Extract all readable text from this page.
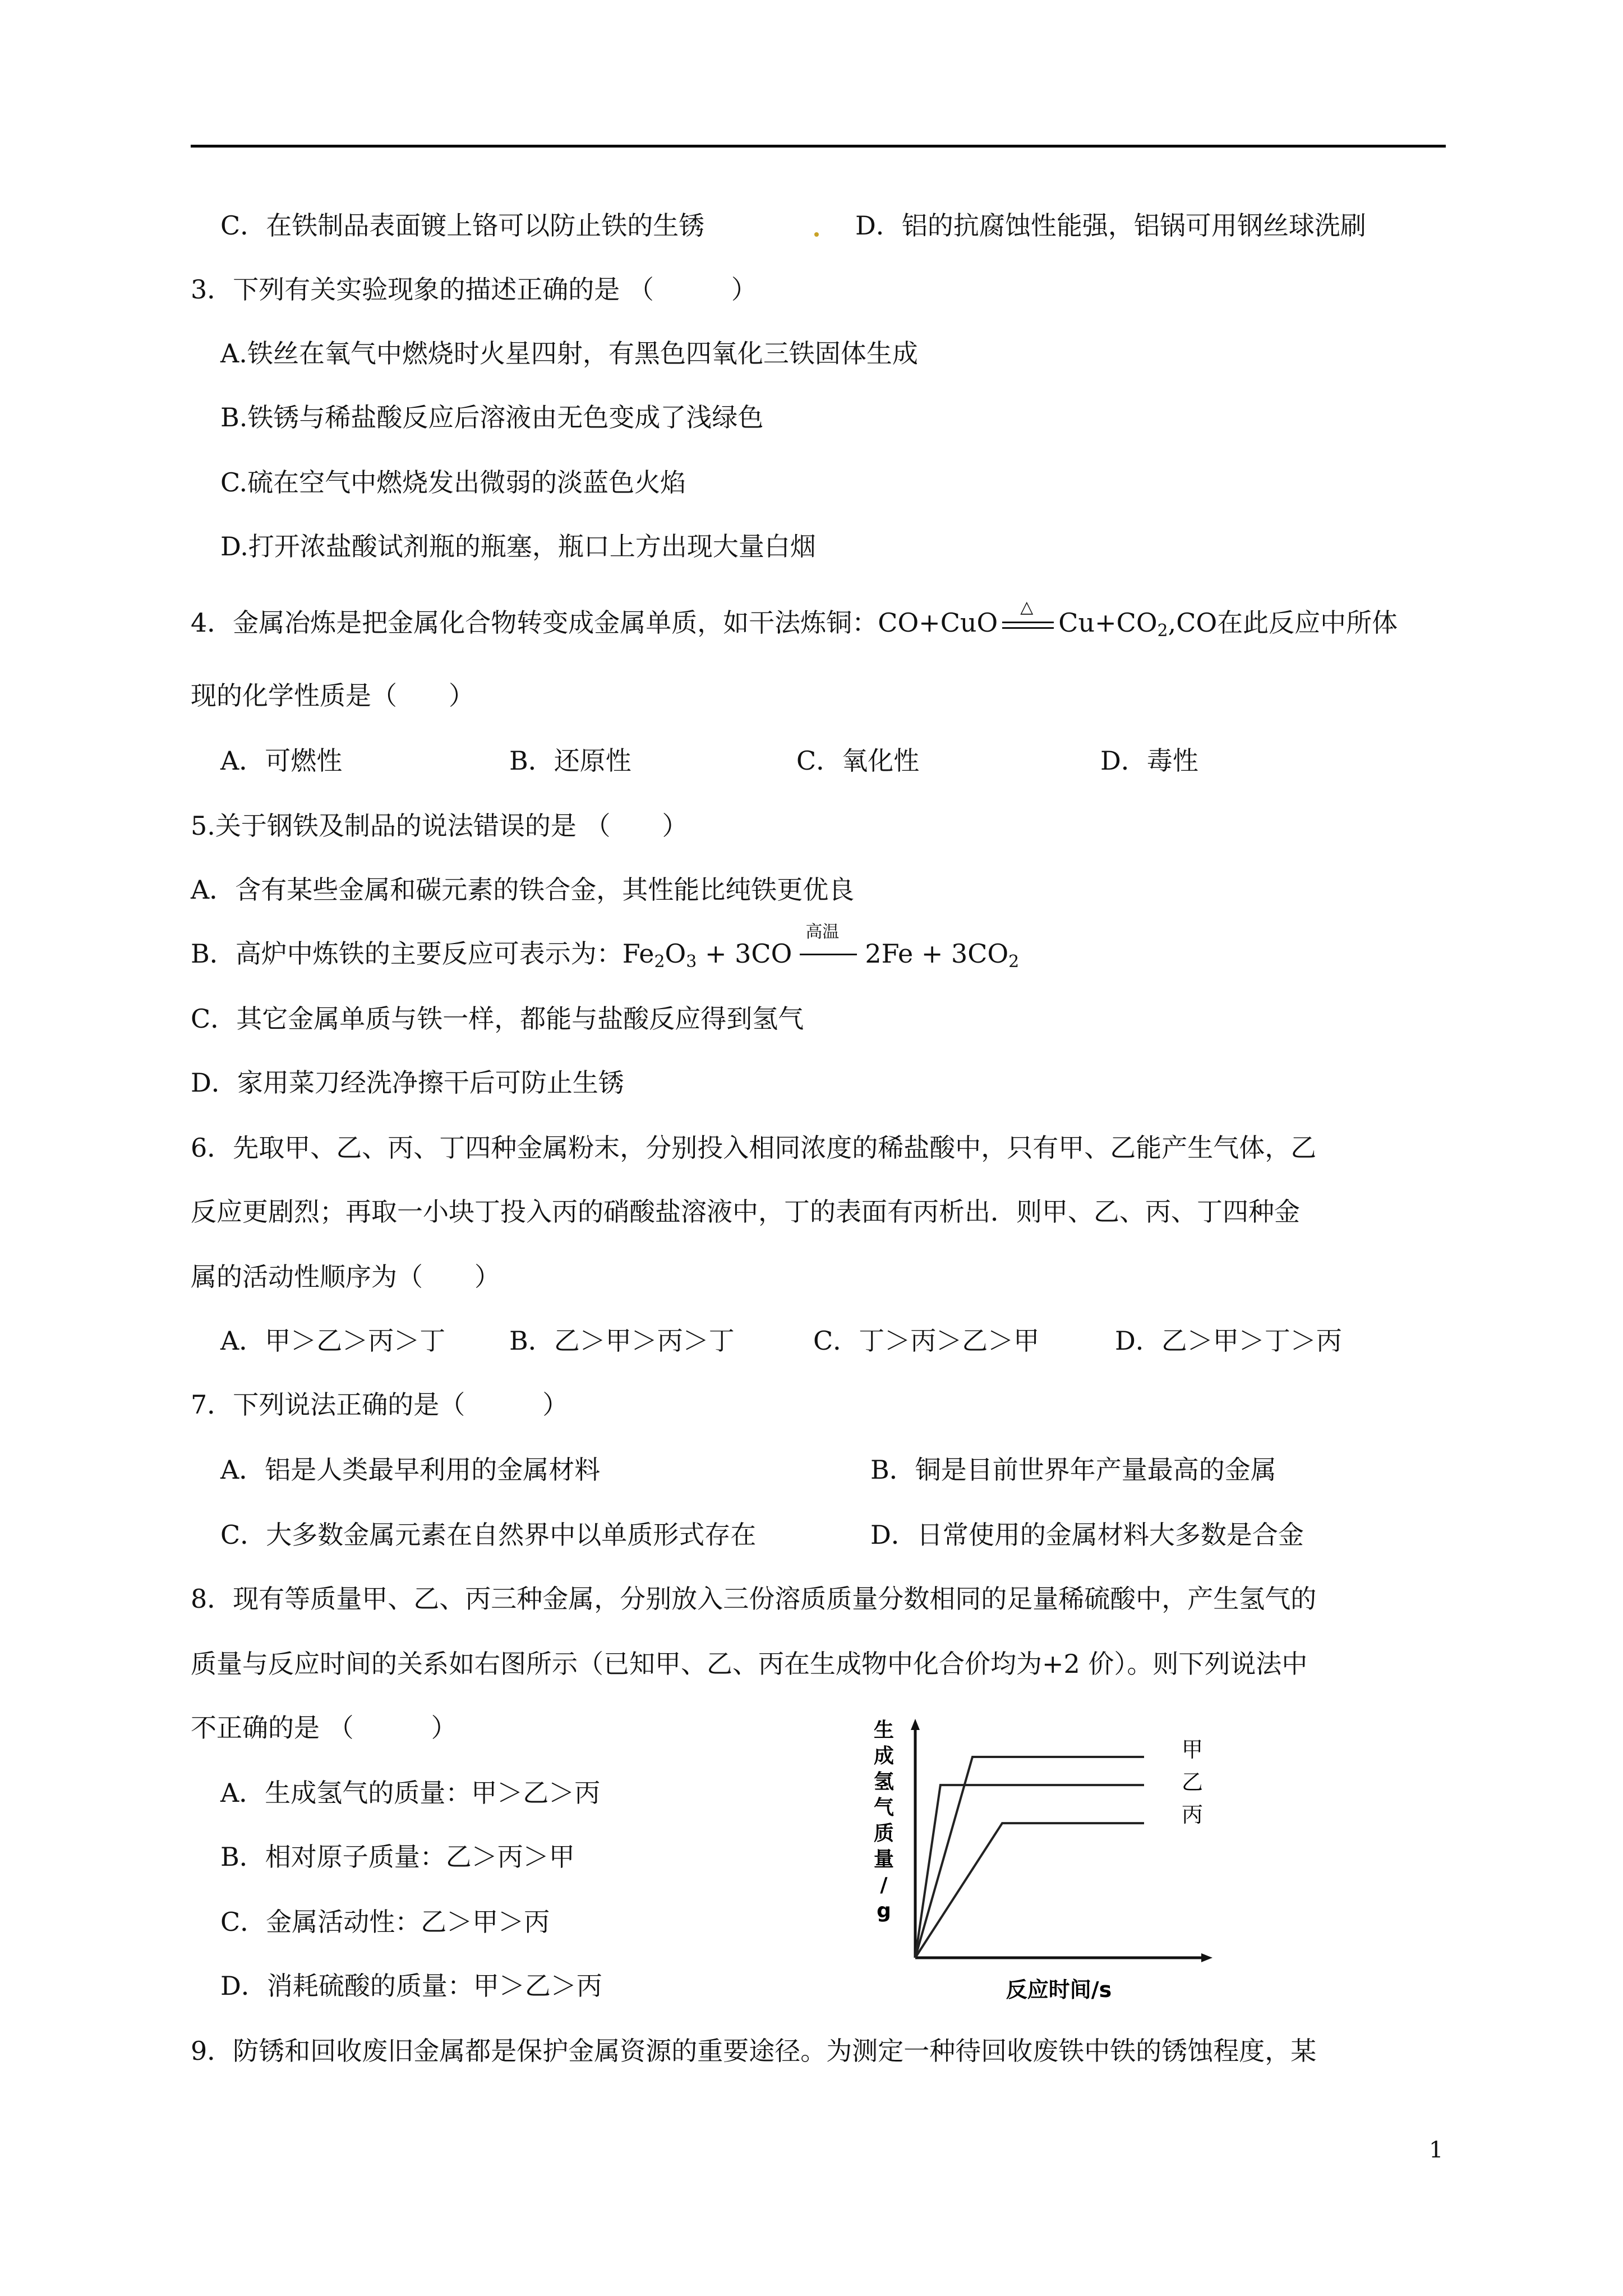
C．在铁制品表面镀上铬可以防止铁的生锈	D．铝的抗腐蚀性能强，铝锅可用钢丝球洗刷
3．下列有关实验现象的描述正确的是 （　　　）
A.铁丝在氧气中燃烧时火星四射，有黑色四氧化三铁固体生成
B.铁锈与稀盐酸反应后溶液由无色变成了浅绿色
C.硫在空气中燃烧发出微弱的淡蓝色火焰
D.打开浓盐酸试剂瓶的瓶塞，瓶口上方出现大量白烟
4．金属冶炼是把金属化合物转变成金属单质，如干法炼铜：CO+CuO
△
$Cu+CO_2,CO$在此反应中所体
现的化学性质是（　　）
A．可燃性	B．还原性	C．氧化性	D．毒性
5.关于钢铁及制品的说法错误的是 （　　）
A．含有某些金属和碳元素的铁合金，其性能比纯铁更优良
B．高炉中炼铁的主要反应可表示为：$Fe_2O_3 + 3CO$
高温
$2Fe + 3CO_2$
C．其它金属单质与铁一样，都能与盐酸反应得到氢气
D．家用菜刀经洗净擦干后可防止生锈
6．先取甲、乙、丙、丁四种金属粉末，分别投入相同浓度的稀盐酸中，只有甲、乙能产生气体，乙
反应更剧烈；再取一小块丁投入丙的硝酸盐溶液中，丁的表面有丙析出．则甲、乙、丙、丁四种金
属的活动性顺序为（　　）
A．甲＞乙＞丙＞丁 B．乙＞甲＞丙＞丁	C．丁＞丙＞乙＞甲	D．乙＞甲＞丁＞丙
7．下列说法正确的是（　　　）
A．铝是人类最早利用的金属材料	B．铜是目前世界年产量最高的金属
C．大多数金属元素在自然界中以单质形式存在	D．日常使用的金属材料大多数是合金
8．现有等质量甲、乙、丙三种金属，分别放入三份溶质质量分数相同的足量稀硫酸中，产生氢气的
质量与反应时间的关系如右图所示（已知甲、乙、丙在生成物中化合价均为+2 价）。则下列说法中
不正确的是 （　　　）
A．生成氢气的质量：甲＞乙＞丙
B．相对原子质量：乙＞丙＞甲
C．金属活动性：乙＞甲＞丙
D．消耗硫酸的质量：甲＞乙＞丙
生
成
氢
气
质
量
/
g
甲
乙
丙
反应时间/s
9．防锈和回收废旧金属都是保护金属资源的重要途径。为测定一种待回收废铁中铁的锈蚀程度，某
1
